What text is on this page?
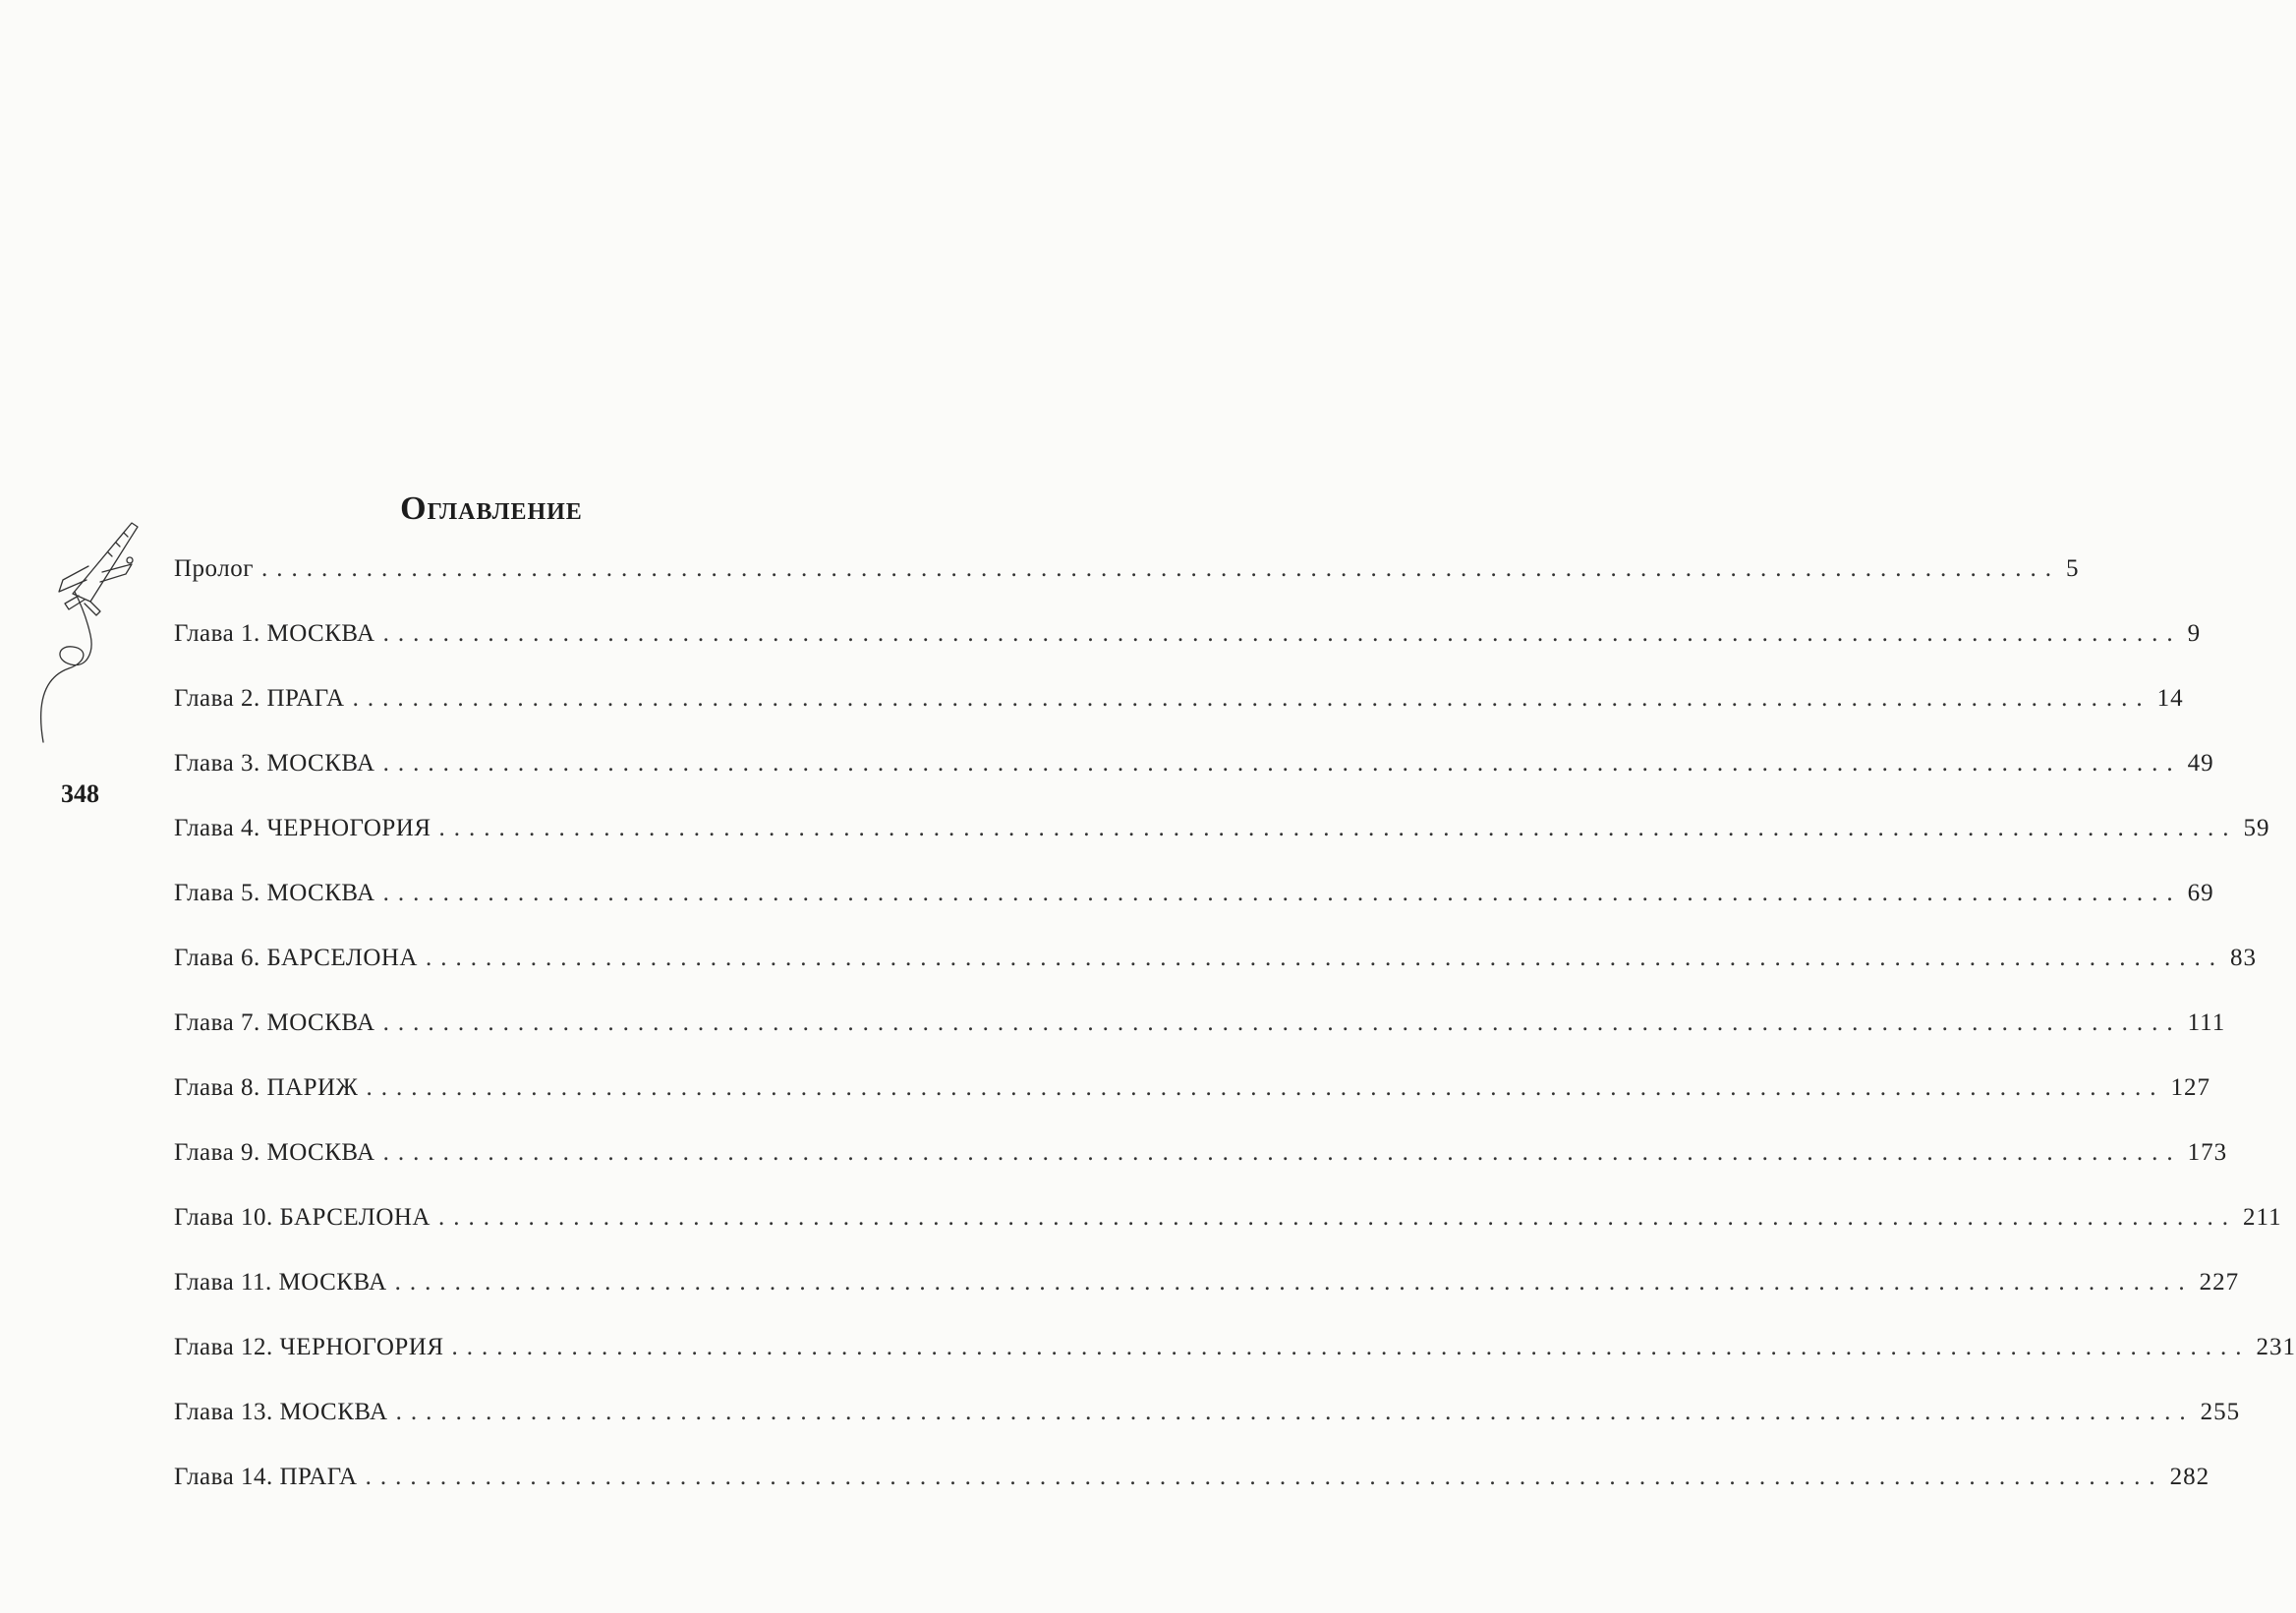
Оглавление
348
Пролог ........................................................................................................................ 5
Глава 1. МОСКВА ........................................................................................................................ 9
Глава 2. ПРАГА ........................................................................................................................ 14
Глава 3. МОСКВА ........................................................................................................................ 49
Глава 4. ЧЕРНОГОРИЯ ........................................................................................................................ 59
Глава 5. МОСКВА ........................................................................................................................ 69
Глава 6. БАРСЕЛОНА ........................................................................................................................ 83
Глава 7. МОСКВА ........................................................................................................................ 111
Глава 8. ПАРИЖ ........................................................................................................................ 127
Глава 9. МОСКВА ........................................................................................................................ 173
Глава 10. БАРСЕЛОНА ........................................................................................................................ 211
Глава 11. МОСКВА ........................................................................................................................ 227
Глава 12. ЧЕРНОГОРИЯ ........................................................................................................................ 231
Глава 13. МОСКВА ........................................................................................................................ 255
Глава 14. ПРАГА ........................................................................................................................ 282
